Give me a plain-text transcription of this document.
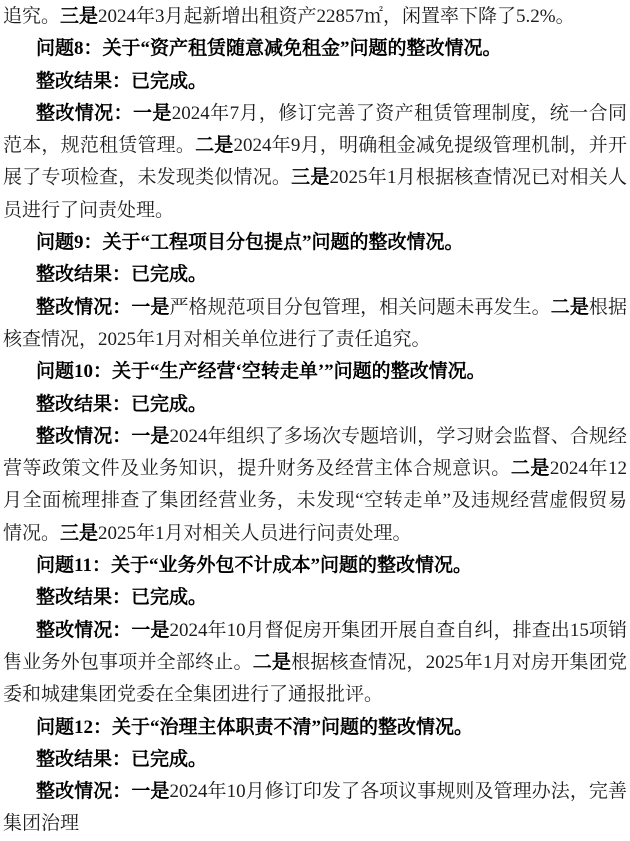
追究。三是2024年3月起新增出租资产22857㎡，闲置率下降了5.2%。

问题8：关于“资产租赁随意减免租金”问题的整改情况。

整改结果：已完成。

整改情况：一是2024年7月，修订完善了资产租赁管理制度，统一合同范本，规范租赁管理。二是2024年9月，明确租金减免提级管理机制，并开展了专项检查，未发现类似情况。三是2025年1月根据核查情况已对相关人员进行了问责处理。

问题9：关于“工程项目分包提点”问题的整改情况。

整改结果：已完成。

整改情况：一是严格规范项目分包管理，相关问题未再发生。二是根据核查情况，2025年1月对相关单位进行了责任追究。

问题10：关于“生产经营‘空转走单’”问题的整改情况。

整改结果：已完成。

整改情况：一是2024年组织了多场次专题培训，学习财会监督、合规经营等政策文件及业务知识，提升财务及经营主体合规意识。二是2024年12月全面梳理排查了集团经营业务，未发现“空转走单”及违规经营虚假贸易情况。三是2025年1月对相关人员进行问责处理。

问题11：关于“业务外包不计成本”问题的整改情况。

整改结果：已完成。

整改情况：一是2024年10月督促房开集团开展自查自纠，排查出15项销售业务外包事项并全部终止。二是根据核查情况，2025年1月对房开集团党委和城建集团党委在全集团进行了通报批评。

问题12：关于“治理主体职责不清”问题的整改情况。

整改结果：已完成。

整改情况：一是2024年10月修订印发了各项议事规则及管理办法，完善集团治理
